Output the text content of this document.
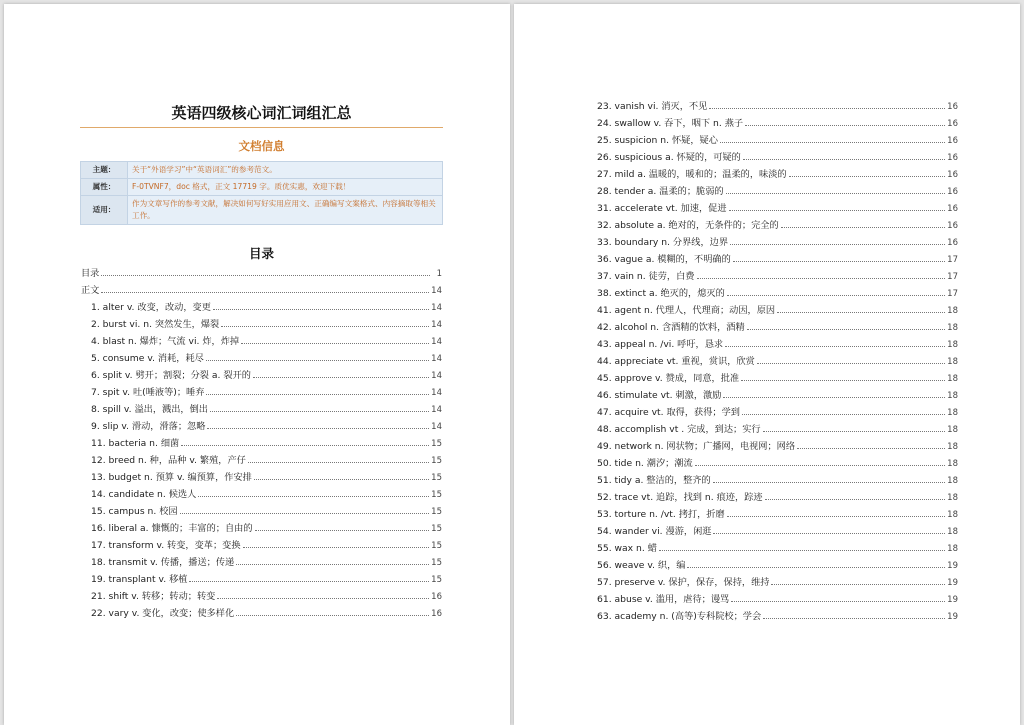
英语四级核心词汇词组汇总
文档信息
主题：	关于“外语学习”中“英语词汇”的参考范文。
属性：	F-0TVNF7，doc 格式，正文 17719 字。质优实惠，欢迎下载！
适用：	作为文章写作的参考文献，解决如何写好实用应用文、正确编写文案格式、内容摘取等相关工作。
目录
目录	1
正文	14
1. alter v. 改变，改动，变更	14
2. burst vi. n. 突然发生，爆裂	14
4. blast n. 爆炸；气流 vi. 炸，炸掉	14
5. consume v. 消耗，耗尽	14
6. split v. 劈开；割裂；分裂 a. 裂开的	14
7. spit v. 吐(唾液等)；唾弃	14
8. spill v. 溢出，溅出，倒出	14
9. slip v. 滑动，滑落；忽略	14
11. bacteria n. 细菌	15
12. breed n. 种，品种 v. 繁殖，产仔	15
13. budget n. 预算 v. 编预算，作安排	15
14. candidate n. 候选人	15
15. campus n. 校园	15
16. liberal a. 慷慨的；丰富的；自由的	15
17. transform v. 转变，变革；变换	15
18. transmit v. 传播，播送；传递	15
19. transplant v. 移植	15
21. shift v. 转移；转动；转变	16
22. vary v. 变化，改变；使多样化	16
23. vanish vi. 消灭，不见	16
24. swallow v. 吞下，咽下 n. 燕子	16
25. suspicion n. 怀疑，疑心	16
26. suspicious a. 怀疑的，可疑的	16
27. mild a. 温暖的，暖和的；温柔的，味淡的	16
28. tender a. 温柔的；脆弱的	16
31. accelerate vt. 加速，促进	16
32. absolute a. 绝对的，无条件的；完全的	16
33. boundary n. 分界线，边界	16
36. vague a. 模糊的，不明确的	17
37. vain n. 徒劳，白费	17
38. extinct a. 绝灭的，熄灭的	17
41. agent n. 代理人，代理商；动因，原因	18
42. alcohol n. 含酒精的饮料，酒精	18
43. appeal n. /vi. 呼吁，恳求	18
44. appreciate vt. 重视，赏识，欣赏	18
45. approve v. 赞成，同意，批准	18
46. stimulate vt. 刺激，激励	18
47. acquire vt. 取得，获得；学到	18
48. accomplish vt . 完成，到达；实行	18
49. network n. 网状物；广播网，电视网；网络	18
50. tide n. 潮汐；潮流	18
51. tidy a. 整洁的，整齐的	18
52. trace vt. 追踪，找到 n. 痕迹，踪迹	18
53. torture n. /vt. 拷打，折磨	18
54. wander vi. 漫游，闲逛	18
55. wax n. 蜡	18
56. weave v. 织，编	19
57. preserve v. 保护，保存，保持，维持	19
61. abuse v. 滥用，虐待；谩骂	19
63. academy n. (高等)专科院校；学会	19
